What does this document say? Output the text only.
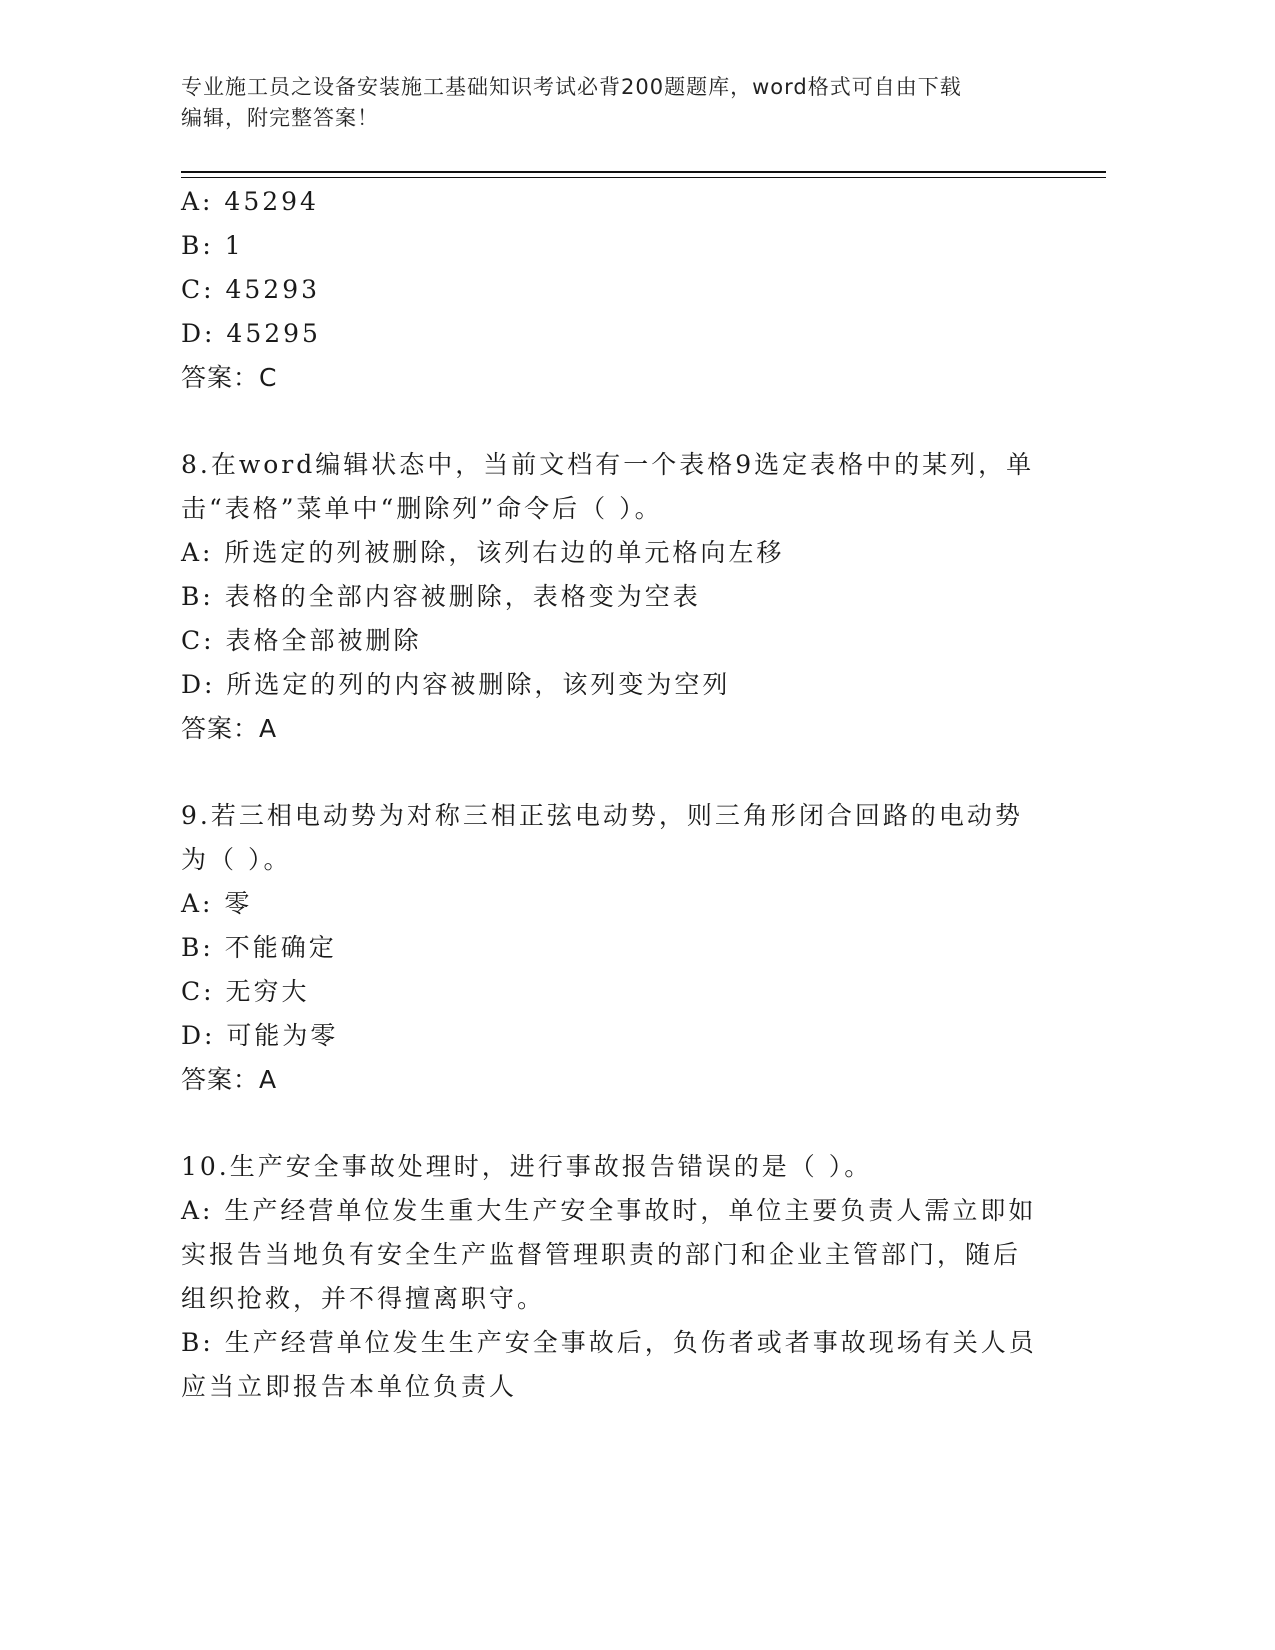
专业施工员之设备安装施工基础知识考试必背200题题库，word格式可自由下载
编辑，附完整答案！
A: 45294
B: 1
C: 45293
D: 45295
答案：C
8.在word编辑状态中，当前文档有一个表格9选定表格中的某列，单
击“表格”菜单中“删除列”命令后（ ）。
A: 所选定的列被删除，该列右边的单元格向左移
B: 表格的全部内容被删除，表格变为空表
C: 表格全部被删除
D: 所选定的列的内容被删除，该列变为空列
答案：A
9.若三相电动势为对称三相正弦电动势，则三角形闭合回路的电动势
为（ ）。
A: 零
B: 不能确定
C: 无穷大
D: 可能为零
答案：A
10.生产安全事故处理时，进行事故报告错误的是（ ）。
A: 生产经营单位发生重大生产安全事故时，单位主要负责人需立即如
实报告当地负有安全生产监督管理职责的部门和企业主管部门，随后
组织抢救，并不得擅离职守。
B: 生产经营单位发生生产安全事故后，负伤者或者事故现场有关人员
应当立即报告本单位负责人
